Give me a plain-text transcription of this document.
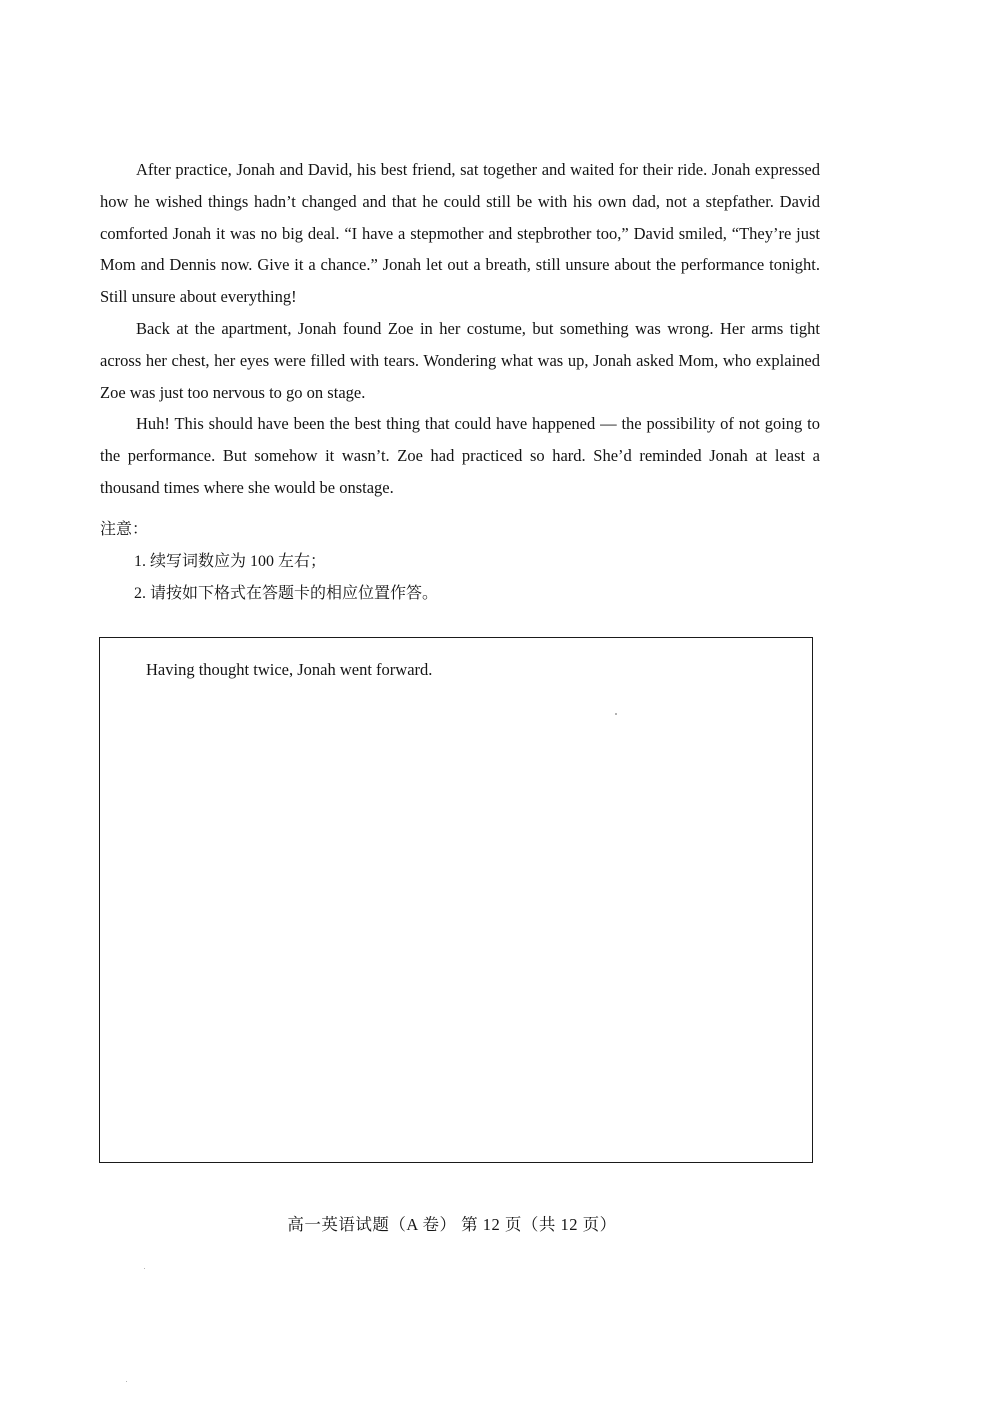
After practice, Jonah and David, his best friend, sat together and waited for their ride. Jonah expressed how he wished things hadn’t changed and that he could still be with his own dad, not a stepfather. David comforted Jonah it was no big deal. “I have a stepmother and stepbrother too,” David smiled, “They’re just Mom and Dennis now. Give it a chance.” Jonah let out a breath, still unsure about the performance tonight. Still unsure about everything!

Back at the apartment, Jonah found Zoe in her costume, but something was wrong. Her arms tight across her chest, her eyes were filled with tears. Wondering what was up, Jonah asked Mom, who explained Zoe was just too nervous to go on stage.

Huh! This should have been the best thing that could have happened — the possibility of not going to the performance. But somehow it wasn’t. Zoe had practiced so hard. She’d reminded Jonah at least a thousand times where she would be onstage.

注意：

1. 续写词数应为 100 左右；
2. 请按如下格式在答题卡的相应位置作答。
Having thought twice, Jonah went forward.
高一英语试题（A 卷） 第 12 页（共 12 页）
